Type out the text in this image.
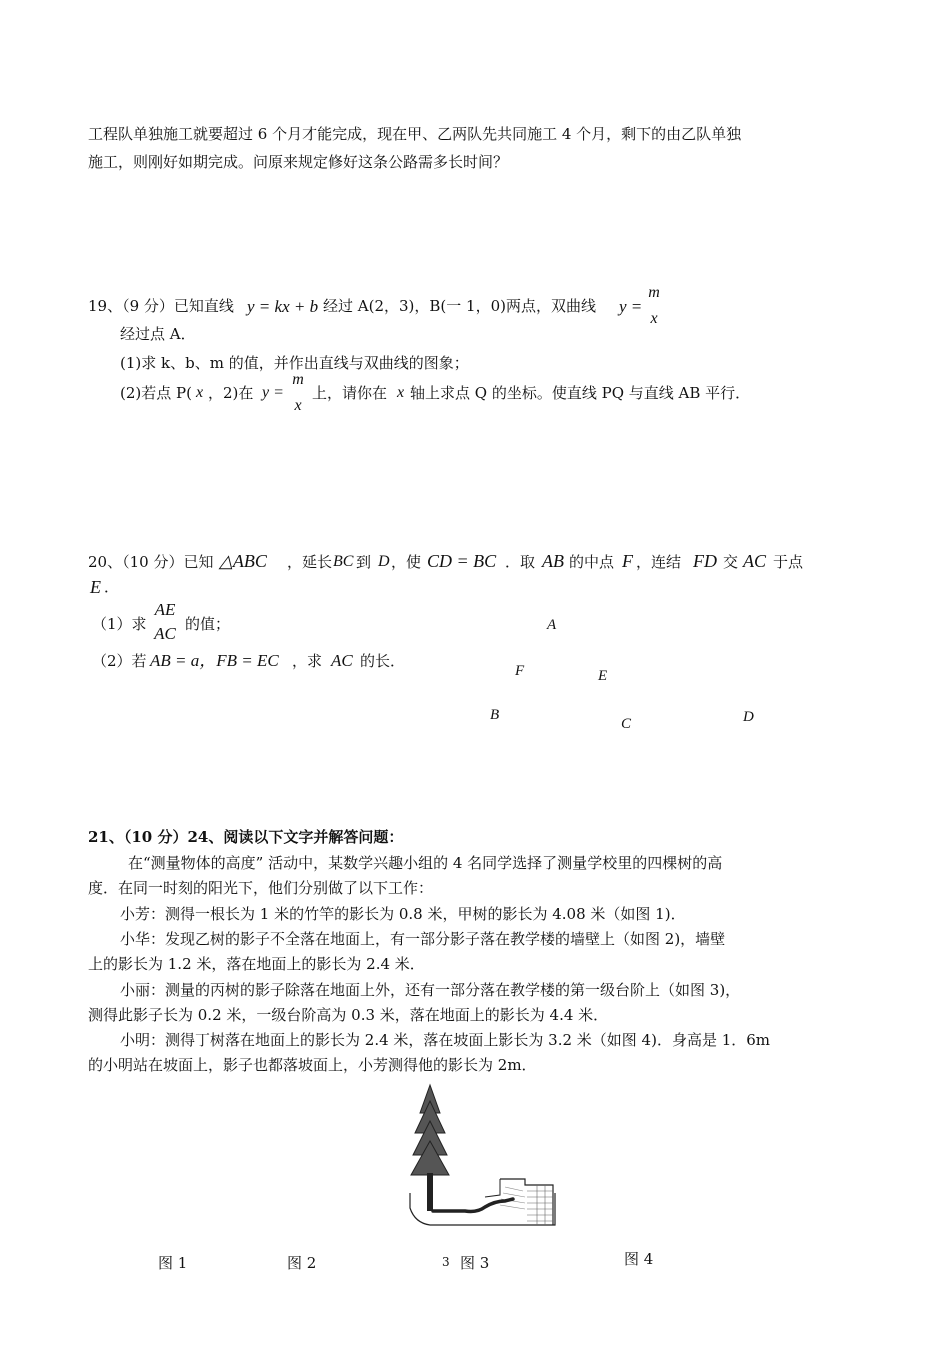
工程队单独施工就要超过 6 个月才能完成，现在甲、乙两队先共同施工 4 个月，剩下的由乙队单独
施工，则刚好如期完成。问原来规定修好这条公路需多长时间？
19、（9 分）已知直线 y = kx + b 经过 A(2，3)，B(一 1，0)两点，双曲线 y =
m
x
经过点 A．
(1)求 k、b、m 的值，并作出直线与双曲线的图象；
(2)若点 P( x ，2)在 y =
m
x
上，请你在 x 轴上求点 Q 的坐标。使直线 PQ 与直线 AB 平行．
20、（10 分）已知 △ABC ，延长 BC 到 D ，使 CD = BC ．取 AB 的中点 F ，连结 FD 交 AC 于点
E ．
（1）求
AE
AC 的值；
（2）若 AB = a，FB = EC ，求 AC 的长．
A
F	E
B
C	D
21、（10 分）24、阅读以下文字并解答问题：
在“测量物体的高度” 活动中，某数学兴趣小组的 4 名同学选择了测量学校里的四棵树的高
度．在同一时刻的阳光下，他们分别做了以下工作：
小芳：测得一根长为 1 米的竹竿的影长为 0.8 米，甲树的影长为 4.08 米（如图 1)．
小华：发现乙树的影子不全落在地面上，有一部分影子落在教学楼的墙壁上（如图 2)，墙壁
上的影长为 1.2 米，落在地面上的影长为 2.4 米．
小丽：测量的丙树的影子除落在地面上外，还有一部分落在教学楼的第一级台阶上（如图 3)，
测得此影子长为 0.2 米，一级台阶高为 0.3 米，落在地面上的影长为 4.4 米．
小明：测得丁树落在地面上的影长为 2.4 米，落在坡面上影长为 3.2 米（如图 4)．身高是 1．6m
的小明站在坡面上，影子也都落坡面上，小芳测得他的影长为 2m．
图 1	图 2	3 图 3	图 4
